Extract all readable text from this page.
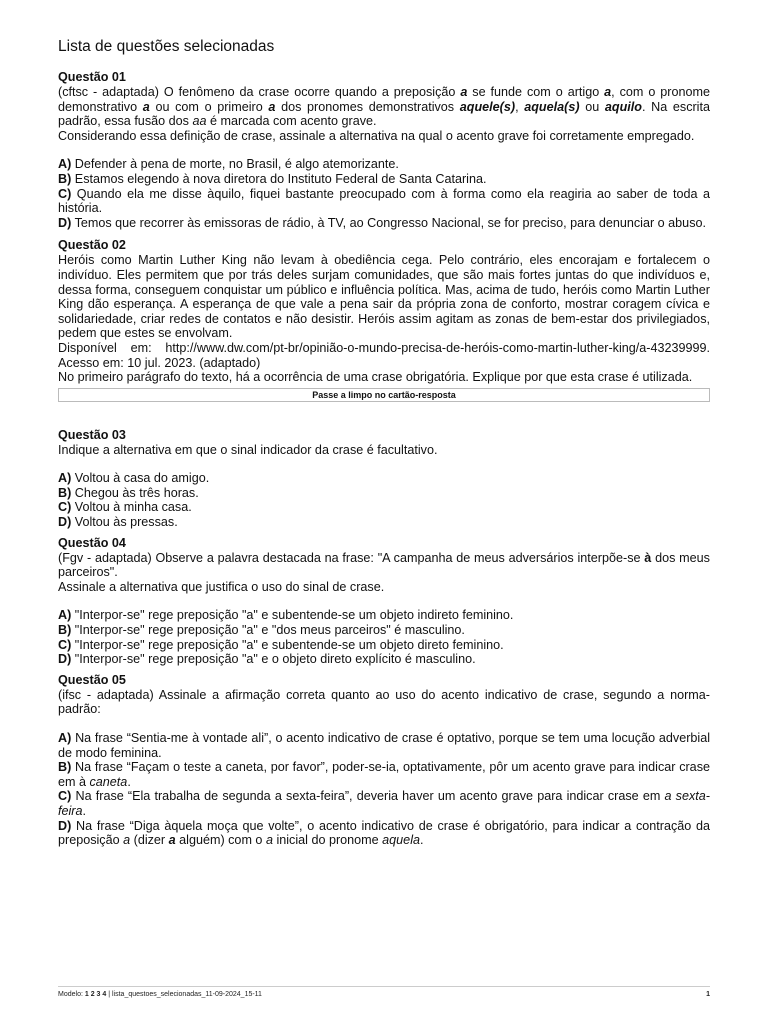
Lista de questões selecionadas
Questão 01

(cftsc - adaptada) O fenômeno da crase ocorre quando a preposição a se funde com o artigo a, com o pronome demonstrativo a ou com o primeiro a dos pronomes demonstrativos aquele(s), aquela(s) ou aquilo. Na escrita padrão, essa fusão dos aa é marcada com acento grave.

Considerando essa definição de crase, assinale a alternativa na qual o acento grave foi corretamente empregado.

A) Defender à pena de morte, no Brasil, é algo atemorizante.

B) Estamos elegendo à nova diretora do Instituto Federal de Santa Catarina.

C) Quando ela me disse àquilo, fiquei bastante preocupado com à forma como ela reagiria ao saber de toda a história.

D) Temos que recorrer às emissoras de rádio, à TV, ao Congresso Nacional, se for preciso, para denunciar o abuso.

Questão 02

Heróis como Martin Luther King não levam à obediência cega. Pelo contrário, eles encorajam e fortalecem o indivíduo. Eles permitem que por trás deles surjam comunidades, que são mais fortes juntas do que indivíduos e, dessa forma, conseguem conquistar um público e influência política. Mas, acima de tudo, heróis como Martin Luther King dão esperança. A esperança de que vale a pena sair da própria zona de conforto, mostrar coragem cívica e solidariedade, criar redes de contatos e não desistir. Heróis assim agitam as zonas de bem-estar dos privilegiados, pedem que estes se envolvam.

Disponível em: http://www.dw.com/pt-br/opinião-o-mundo-precisa-de-heróis-como-martin-luther-king/a-43239999. Acesso em: 10 jul. 2023. (adaptado)

No primeiro parágrafo do texto, há a ocorrência de uma crase obrigatória. Explique por que esta crase é utilizada.

Passe a limpo no cartão-resposta
Questão 03

Indique a alternativa em que o sinal indicador da crase é facultativo.

A) Voltou à casa do amigo.

B) Chegou às três horas.

C) Voltou à minha casa.

D) Voltou às pressas.

Questão 04

(Fgv - adaptada) Observe a palavra destacada na frase: "A campanha de meus adversários interpõe-se à dos meus parceiros".

Assinale a alternativa que justifica o uso do sinal de crase.

A) "Interpor-se" rege preposição "a" e subentende-se um objeto indireto feminino.

B) "Interpor-se" rege preposição "a" e "dos meus parceiros" é masculino.

C) "Interpor-se" rege preposição "a" e subentende-se um objeto direto feminino.

D) "Interpor-se" rege preposição "a" e o objeto direto explícito é masculino.

Questão 05

(ifsc - adaptada) Assinale a afirmação correta quanto ao uso do acento indicativo de crase, segundo a norma-padrão:

A) Na frase “Sentia-me à vontade ali”, o acento indicativo de crase é optativo, porque se tem uma locução adverbial de modo feminina.

B) Na frase “Façam o teste a caneta, por favor”, poder-se-ia, optativamente, pôr um acento grave para indicar crase em à caneta.

C) Na frase “Ela trabalha de segunda a sexta-feira”, deveria haver um acento grave para indicar crase em a sexta-feira.

D) Na frase “Diga àquela moça que volte”, o acento indicativo de crase é obrigatório, para indicar a contração da preposição a (dizer a alguém) com o a inicial do pronome aquela.

Modelo: 1 2 3 4 | lista_questoes_selecionadas_11-09-2024_15-11	1
